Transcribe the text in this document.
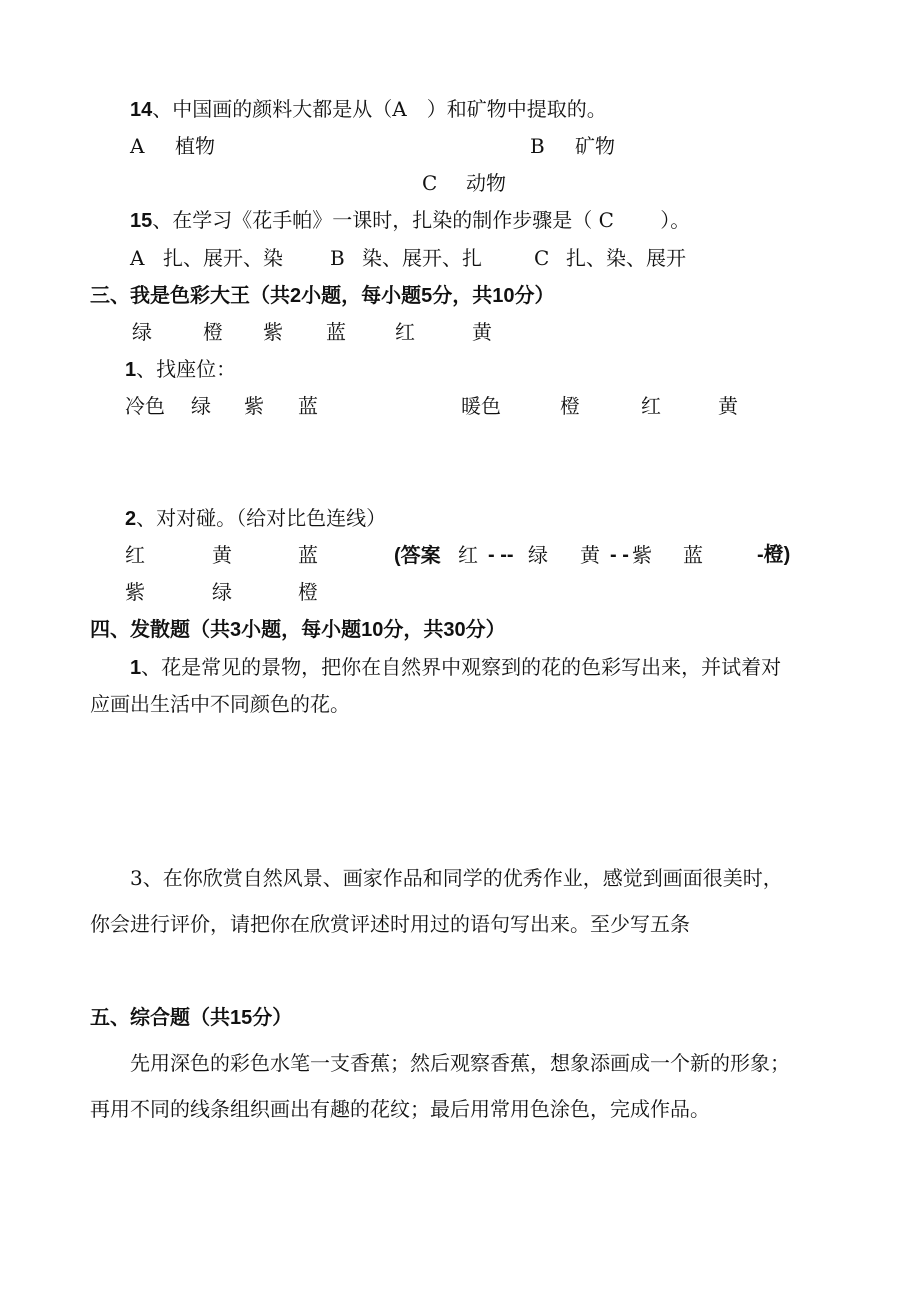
14、中国画的颜料大都是从（A　）和矿物中提取的。
A 植物	B 矿物
C 动物
15、在学习《花手帕》一课时，扎染的制作步骤是（ C　　 ）。
A 扎、展开、染 B 染、展开、扎	C 扎、染、展开
三、我是色彩大王（共2小题，每小题5分，共10分）
绿	橙 紫 蓝 红	黄
1、找座位：
冷色 绿 紫 蓝	暖色	橙	红	黄
2、对对碰。（给对比色连线）
红	黄	蓝	(答案 红 - -- 绿 黄 - - 紫 蓝	-橙)
紫	绿	橙
四、发散题（共3小题，每小题10分，共30分）
1、花是常见的景物，把你在自然界中观察到的花的色彩写出来，并试着对
应画出生活中不同颜色的花。
3、在你欣赏自然风景、画家作品和同学的优秀作业，感觉到画面很美时，
你会进行评价，请把你在欣赏评述时用过的语句写出来。至少写五条
五、综合题（共15分）
先用深色的彩色水笔一支香蕉；然后观察香蕉，想象添画成一个新的形象；
再用不同的线条组织画出有趣的花纹；最后用常用色涂色，完成作品。
